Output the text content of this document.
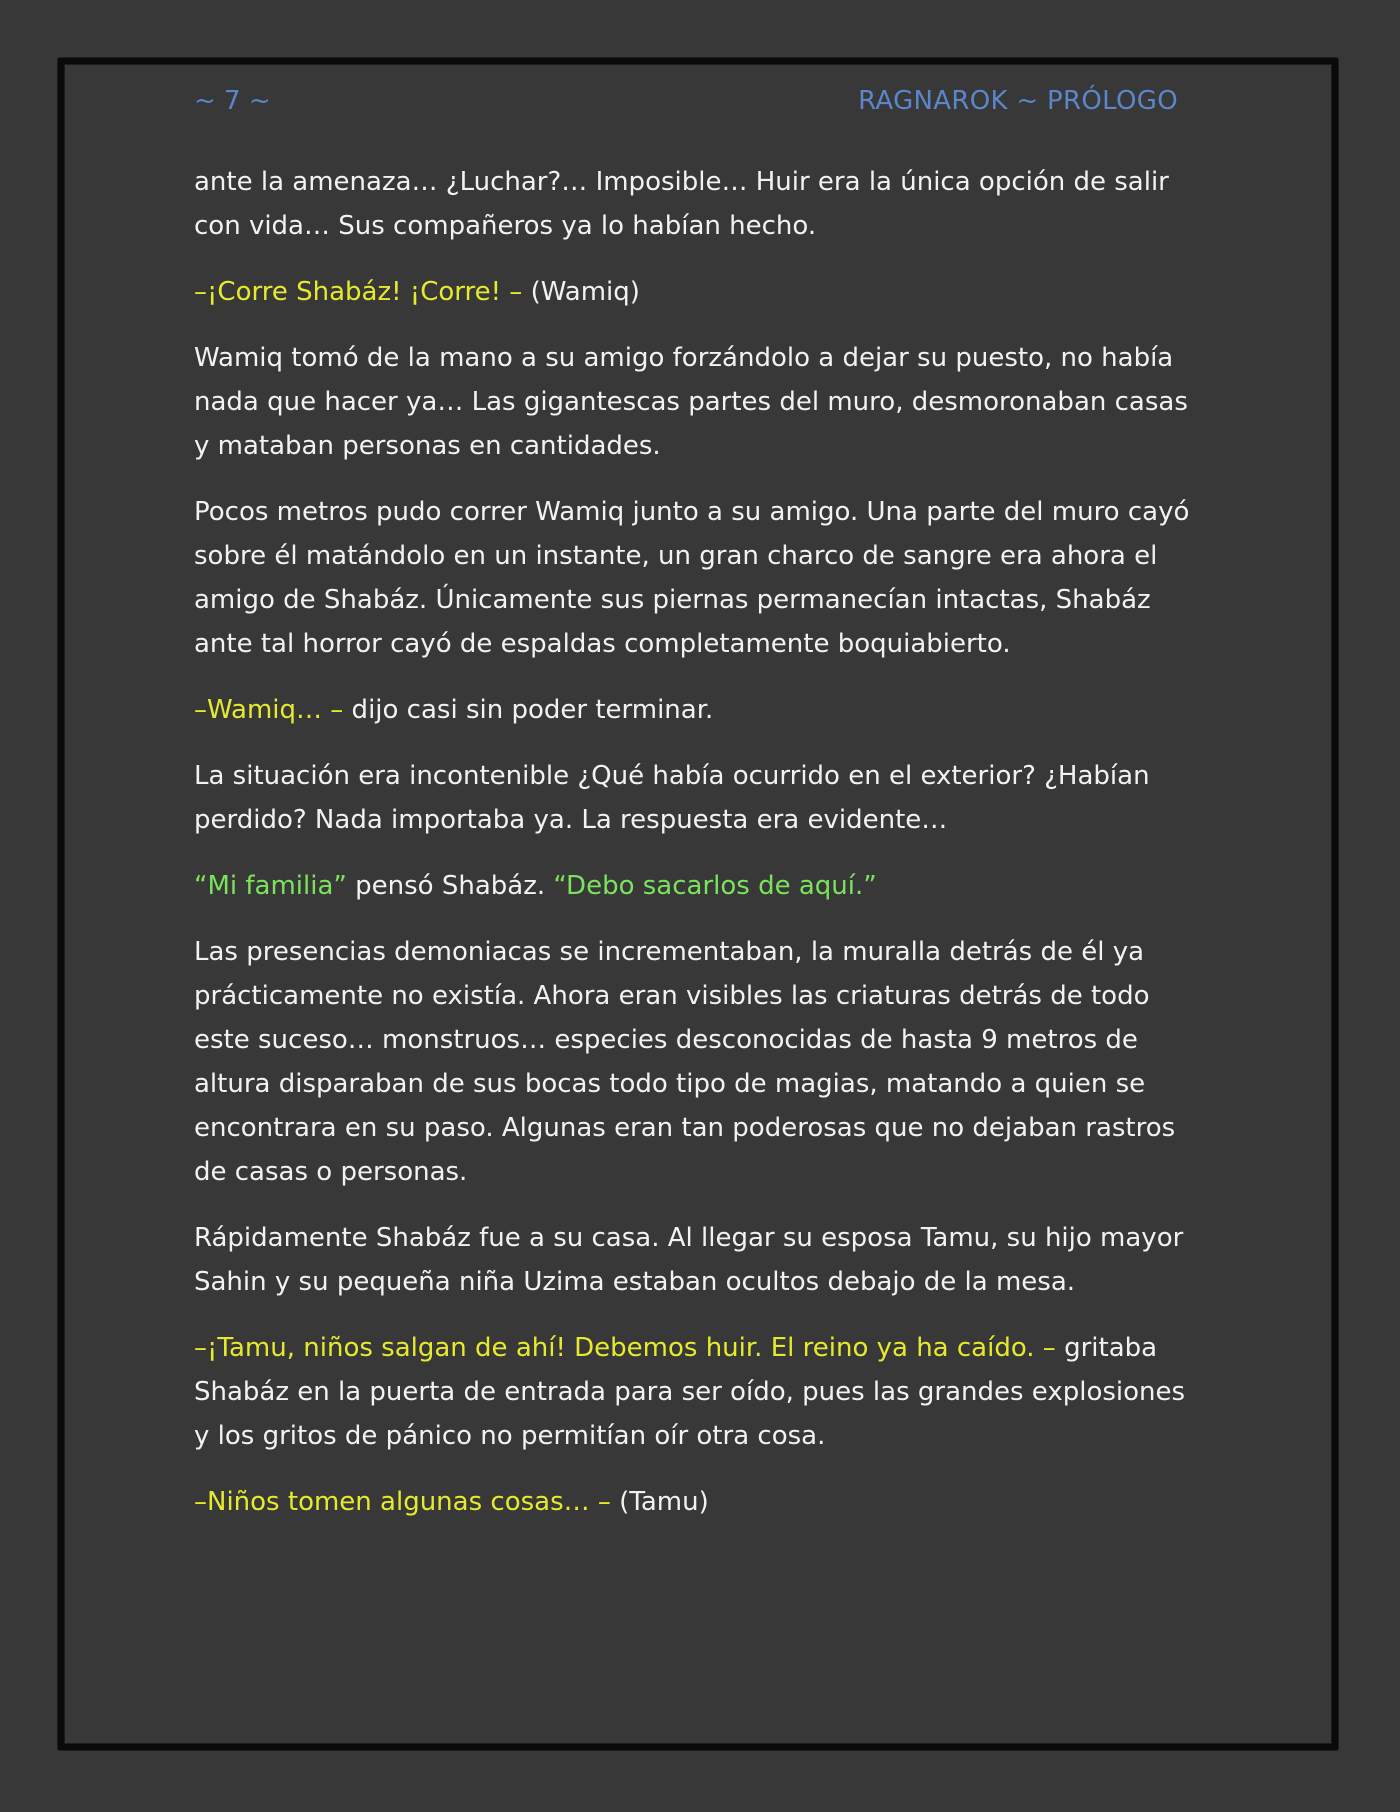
~ 7 ~	RAGNAROK ~ PRÓLOGO

ante la amenaza… ¿Luchar?… Imposible… Huir era la única opción de salir con vida… Sus compañeros ya lo habían hecho.

–¡Corre Shabáz! ¡Corre! – (Wamiq)

Wamiq tomó de la mano a su amigo forzándolo a dejar su puesto, no había nada que hacer ya… Las gigantescas partes del muro, desmoronaban casas y mataban personas en cantidades.

Pocos metros pudo correr Wamiq junto a su amigo. Una parte del muro cayó sobre él matándolo en un instante, un gran charco de sangre era ahora el amigo de Shabáz. Únicamente sus piernas permanecían intactas, Shabáz ante tal horror cayó de espaldas completamente boquiabierto.

–Wamiq… – dijo casi sin poder terminar.

La situación era incontenible ¿Qué había ocurrido en el exterior? ¿Habían perdido? Nada importaba ya. La respuesta era evidente…

“Mi familia” pensó Shabáz. “Debo sacarlos de aquí.”

Las presencias demoniacas se incrementaban, la muralla detrás de él ya prácticamente no existía. Ahora eran visibles las criaturas detrás de todo este suceso… monstruos… especies desconocidas de hasta 9 metros de altura disparaban de sus bocas todo tipo de magias, matando a quien se encontrara en su paso. Algunas eran tan poderosas que no dejaban rastros de casas o personas.

Rápidamente Shabáz fue a su casa. Al llegar su esposa Tamu, su hijo mayor Sahin y su pequeña niña Uzima estaban ocultos debajo de la mesa.

–¡Tamu, niños salgan de ahí! Debemos huir. El reino ya ha caído. – gritaba Shabáz en la puerta de entrada para ser oído, pues las grandes explosiones y los gritos de pánico no permitían oír otra cosa.

–Niños tomen algunas cosas… – (Tamu)
